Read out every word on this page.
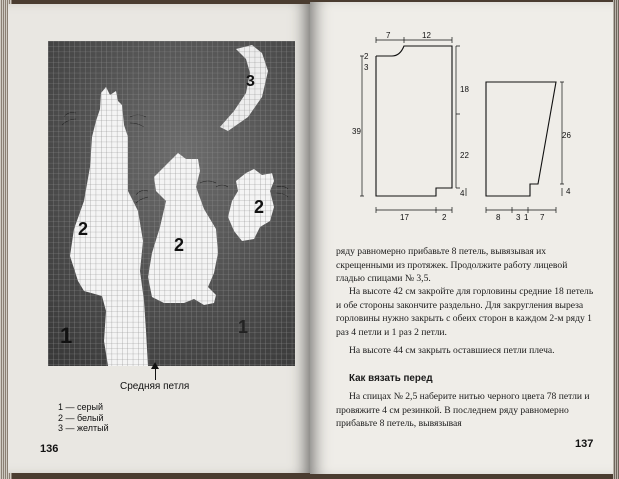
1
2
2
2
3
1
Средняя петля
1 — серый
2 — белый
3 — желтый
136
7	12
2
3
18
39
22
4
17	2
26
4
8 3 1 7

ряду равномерно прибавьте 8 петель, вывязывая их скрещенными из протяжек. Продолжите работу лицевой гладью спицами № 3,5.

На высоте 42 см закройте для горловины средние 18 петель и обе стороны закончите раздельно. Для закругления выреза горловины нужно закрыть с обеих сторон в каждом 2-м ряду 1 раз 4 петли и 1 раз 2 петли.

На высоте 44 см закрыть оставшиеся петли плеча.

Как вязать перед

На спицах № 2,5 наберите нитью черного цвета 78 петли и провяжите 4 см резинкой. В последнем ряду равномерно прибавьте 8 петель, вывязывая

137
